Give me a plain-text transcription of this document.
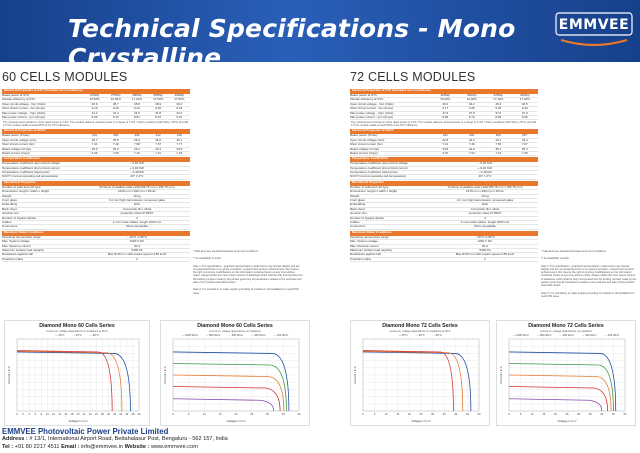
Technical Specifications - Mono Crystalline
EMMVEE
60 CELLS MODULES	72 CELLS MODULES
Electrical Properties at STC (Standard Test Conditions)
Rated power at STC	270Wp	275Wp	280Wp	285Wp	290Wp
Module efficiency at STC	16.60%	16.90%	17.20%	17.50%	17.80%
Open circuit voltage - Voc (Volts)	38.6	38.7	38.8	38.9	39.0
Short circuit current - Isc (Amps)	9.19	9.29	9.40	9.52	9.64
Max power voltage - Vpm (Volts)	31.2	31.4	31.6	31.8	32.0
Max power current - Ipm (Amps)	8.66	8.76	8.87	8.97	9.07
The measurement tolerance of the rated power is ± 3%. The module delivers nominal power in a range of ± 3%. Under conditions (200 W/m², 25°C) and AM 1.5 the module yields at least 95% of the STC efficiency.
Electrical Properties at NOCT
Rated power (Pmax)	201	205	209	212	216
Open circuit voltage (Voc)	35.7	35.8	35.9	36.0	36.1
Short circuit current (Isc)	7.41	7.49	7.58	7.67	7.77
Rated voltage (Vmpp)	28.9	29.0	29.2	29.4	29.6
Rated current (Impp)	6.96	7.06	7.15	7.21	7.29
Temperature Coefficients
Temperature coefficient open-circuit voltage	− 0.33 %/K
Temperature coefficient short-circuit current	+ 0.04 %/K
Temperature coefficient rated power	− 0.43%/K
NOCT (normal operating cell temperature)	46° ± 2°C
Mechanical Properties
Number of cells and cell type	60 Mono crystalline solar cells(156.75 mm x 156.75 mm)
Dimensions: length x width x height	1640 mm x 990 mm x 35mm
Weight	19 kg
Front glass	3.2 mm high transmission, tempered glass
Embedding	EVA
Back sheet	Composite film, white
Junction box	protection class IP 65/67
Number of bypass diodes	3
Cables	4 mm² solar cables, length 1000 mm
Connectors	MC4 compatible
Maximum Rated Conditions
Operating temperature range	− 40°C to 85°C
Max. System voltage	1000 V DC
Max. Reverse current	20 A
Maximum surface load capacity	5400 Pa
Resistance against hail	Max Ø 28 mm with impact speed of 85 km/h
Protection class	II
Electrical Properties at STC (Standard Test Conditions)
Rated power at STC	325Wp	330Wp	335Wp	340Wp
Module efficiency at STC	16.60%	16.90%	17.10%	17.40%
Open circuit voltage - Voc (Volts)	46.0	46.2	46.3	46.5
Short circuit current - Isc (Amps)	9.17	9.25	9.30	9.30
Max power voltage - Vpm (Volts)	37.6	37.8	37.9	37.9
Max power current - Ipm (Amps)	8.65	8.73	8.83	8.96
The measurement tolerance of the rated power is ± 3%. The module delivers nominal power in a range of ± 3%. Under conditions (200 W/m², 25°C) and AM 1.5 the module yields at least 95% of the STC efficiency.
Electrical Properties at NOCT
Rated power (Pmax)	242	246	250	257
Open circuit voltage (Voc)	42.8	43.0	43.1	43.4
Short circuit current (Isc)	7.41	7.49	7.56	7.67
Rated voltage (Vmpp)	34.8	34.9	35.1	35.3
Rated current (Impp)	6.97	7.04	7.13	7.25
Temperature Coefficients
Temperature coefficient open-circuit voltage	− 0.33 %/K
Temperature coefficient short-circuit current	+ 0.04 %/K
Temperature coefficient rated power	− 0.43%/K
NOCT (normal operating cell temperature)	46° ± 2°C
Mechanical Properties
Number of cells and cell type	72 Mono crystalline solar cells(156.75 mm x 156.75 mm)
Dimensions: length x width x height	1979 mm x 990 mm x 35mm
Weight	22 kg
Front glass	3.2 mm high transmission, tempered glass
Embedding	EVA
Back sheet	Composite film, white
Junction box	protection class IP 65/67
Number of bypass diodes	3
Cables	4 mm² solar cables, length 1000 mm
Connectors	MC4 compatible
Maximum Rated Conditions
Operating temperature range	− 40°C to 85°C
Max. System voltage	1000 V DC
Max. Reverse current	20 A
Maximum surface load capacity	5400 Pa
Resistance against hail	Max Ø 28 mm with impact speed of 85 km/h
Protection class	II

* Safe Emmvee standard decrease terms and conditions

** As availability of stock

Note 1: The specification - graphical representation made herein may deviate slightly and are not guaranteed due to on-going innovation, research and product enhancement. We reserve the right to improve modifications on the information contained herein at any time without notice. Always obtain the most recent version of datasheet which shall be duly incorporated into the binding contract made by the parties governing all transactions related to the purchase and sale of the products described herein.

Note 2: It is mandatory to make regular grounding of modules in all installations to avoid PID issue.

* Safe Emmvee standard decrease terms and conditions

** As availability of stock

Note 1: The specification - graphical representation made herein may deviate slightly and are not guaranteed due to on-going innovation, research and product enhancement. We reserve the right to improve modifications on the information contained herein at any time without notice. Always obtain the most recent version of datasheet which shall be duly incorporated into the binding contract made by the parties governing all transactions related to the purchase and sale of the products described herein.

Note 2: It is mandatory to make regular grounding of modules in all installations to avoid PID issue.

Diamond Mono 60 Cells Series
current vs. voltage dependence on irradiance at 25°C
— 25°C	— 50°C	— 80°C
0 2 4 6 8 10 12 14 16 18 20 22 24 26 28 30 32 34 36 38 40
Voltage U in V
Current I in A
Diamond Mono 60 Cells Series
current vs. voltage dependence on irradiance
— 1000 W/m²	— 800 W/m²	— 600 W/m²	— 400 W/m²	— 200 W/m²
0	5	10	15	20	25	30	35	40
Voltage U in V
Current I in A
Diamond Mono 72 Cells Series
current vs. voltage dependence on irradiance at 25°C
— 25°C	— 50°C	— 80°C
0	5	10	15	20	25	30	35	40	45	50
Voltage U in V
Current I in A
Diamond Mono 72 Cells Series
current vs. voltage dependence on irradiance
— 1000 W/m²	— 800 W/m²	— 600 W/m²	— 400 W/m²	— 200 W/m²
0	5	10	15	20	25	30	35	40	45	50
Voltage U in V
Current I in A
EMMVEE Photovoltaic Power Private Limited
Address : # 13/1, International Airport Road, Bettahalasur Post, Bengaluru - 562 157, India
Tel : +91 80 2217 4511 Email : info@emmvee.in Website : www.emmvee.com
